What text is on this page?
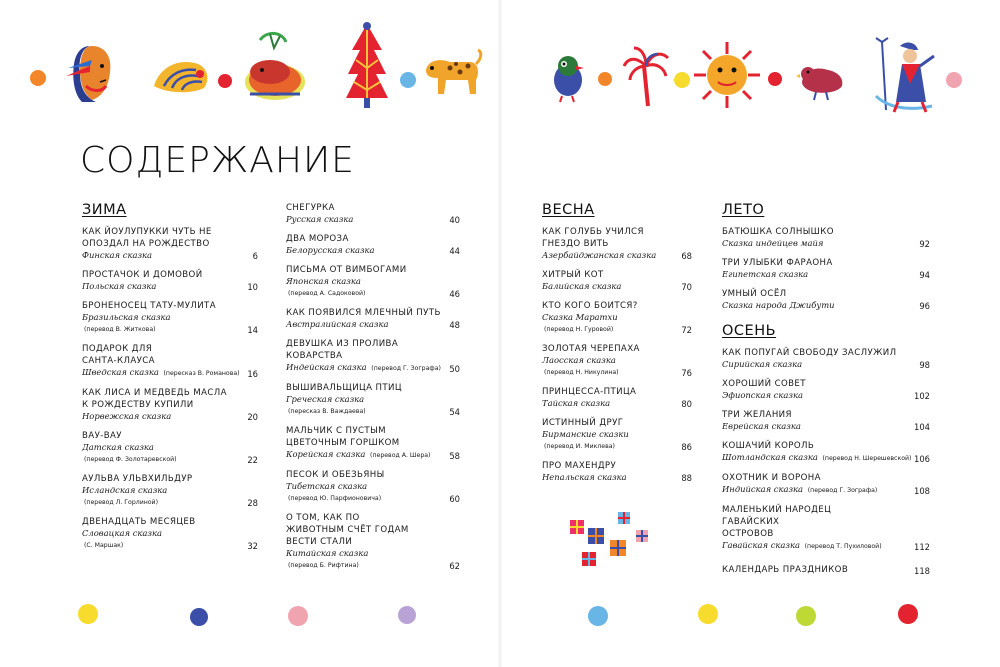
СОДЕРЖАНИЕ
ЗИМА
КАК ЙОУЛУПУККИ ЧУТЬ НЕ ОПОЗДАЛ НА РОЖДЕСТВО
Финская сказка	6
ПРОСТАЧОК И ДОМОВОЙ
Польская сказка	10
БРОНЕНОСЕЦ ТАТУ-МУЛИТА
Бразильская сказка
(перевод В. Житкова)	14
ПОДАРОК ДЛЯ САНТА-КЛАУСА
Шведская сказка (пересказ В. Романова) 16
КАК ЛИСА И МЕДВЕДЬ МАСЛА К РОЖДЕСТВУ КУПИЛИ
Норвежская сказка	20
ВАУ-ВАУ
Датская сказка
(перевод Ф. Золотаревской)	22
АУЛЬВА УЛЬВХИЛЬДУР
Исландская сказка
(перевод Л. Горлиной)	28
ДВЕНАДЦАТЬ МЕСЯЦЕВ
Словацкая сказка
(С. Маршак)	32
СНЕГУРКА
Русская сказка	40
ДВА МОРОЗА
Белорусская сказка	44
ПИСЬМА ОТ ВИМБОГАМИ
Японская сказка
(перевод А. Садоковой)	46
КАК ПОЯВИЛСЯ МЛЕЧНЫЙ ПУТЬ
Австралийская сказка	48
ДЕВУШКА ИЗ ПРОЛИВА КОВАРСТВА
Индейская сказка (перевод Г. Зографа)	50
ВЫШИВАЛЬЩИЦА ПТИЦ
Греческая сказка
(пересказ В. Важдаева)	54
МАЛЬЧИК С ПУСТЫМ ЦВЕТОЧНЫМ ГОРШКОМ
Корейская сказка (перевод А. Шера)	58
ПЕСОК И ОБЕЗЬЯНЫ
Тибетская сказка
(перевод Ю. Парфионовича)	60
О ТОМ, КАК ПО ЖИВОТНЫМ СЧЁТ ГОДАМ ВЕСТИ СТАЛИ
Китайская сказка
(перевод Б. Рифтина)	62
ВЕСНА
КАК ГОЛУБЬ УЧИЛСЯ ГНЕЗДО ВИТЬ
Азербайджанская сказка	68
ХИТРЫЙ КОТ
Балийская сказка	70
КТО КОГО БОИТСЯ?
Сказка Маратхи
(перевод Н. Гуровой)	72
ЗОЛОТАЯ ЧЕРЕПАХА
Лаосская сказка
(перевод Н. Никулина)	76
ПРИНЦЕССА-ПТИЦА
Тайская сказка	80
ИСТИННЫЙ ДРУГ
Бирманские сказки
(перевод И. Миклева)	86
ПРО МАХЕНДРУ
Непальская сказка	88
ЛЕТО
БАТЮШКА СОЛНЫШКО
Сказка индейцев майя	92
ТРИ УЛЫБКИ ФАРАОНА
Египетская сказка	94
УМНЫЙ ОСЁЛ
Сказка народа Джибути	96
ОСЕНЬ
КАК ПОПУГАЙ СВОБОДУ ЗАСЛУЖИЛ
Сирийская сказка	98
ХОРОШИЙ СОВЕТ
Эфиопская сказка	102
ТРИ ЖЕЛАНИЯ
Еврейская сказка	104
КОШАЧИЙ КОРОЛЬ
Шотландская сказка (перевод Н. Шерешевской) 106
ОХОТНИК И ВОРОНА
Индийская сказка (перевод Г. Зографа)	108
МАЛЕНЬКИЙ НАРОДЕЦ ГАВАЙСКИХ ОСТРОВОВ
Гавайская сказка (перевод Т. Пухиловой)	112
КАЛЕНДАРЬ ПРАЗДНИКОВ	118
